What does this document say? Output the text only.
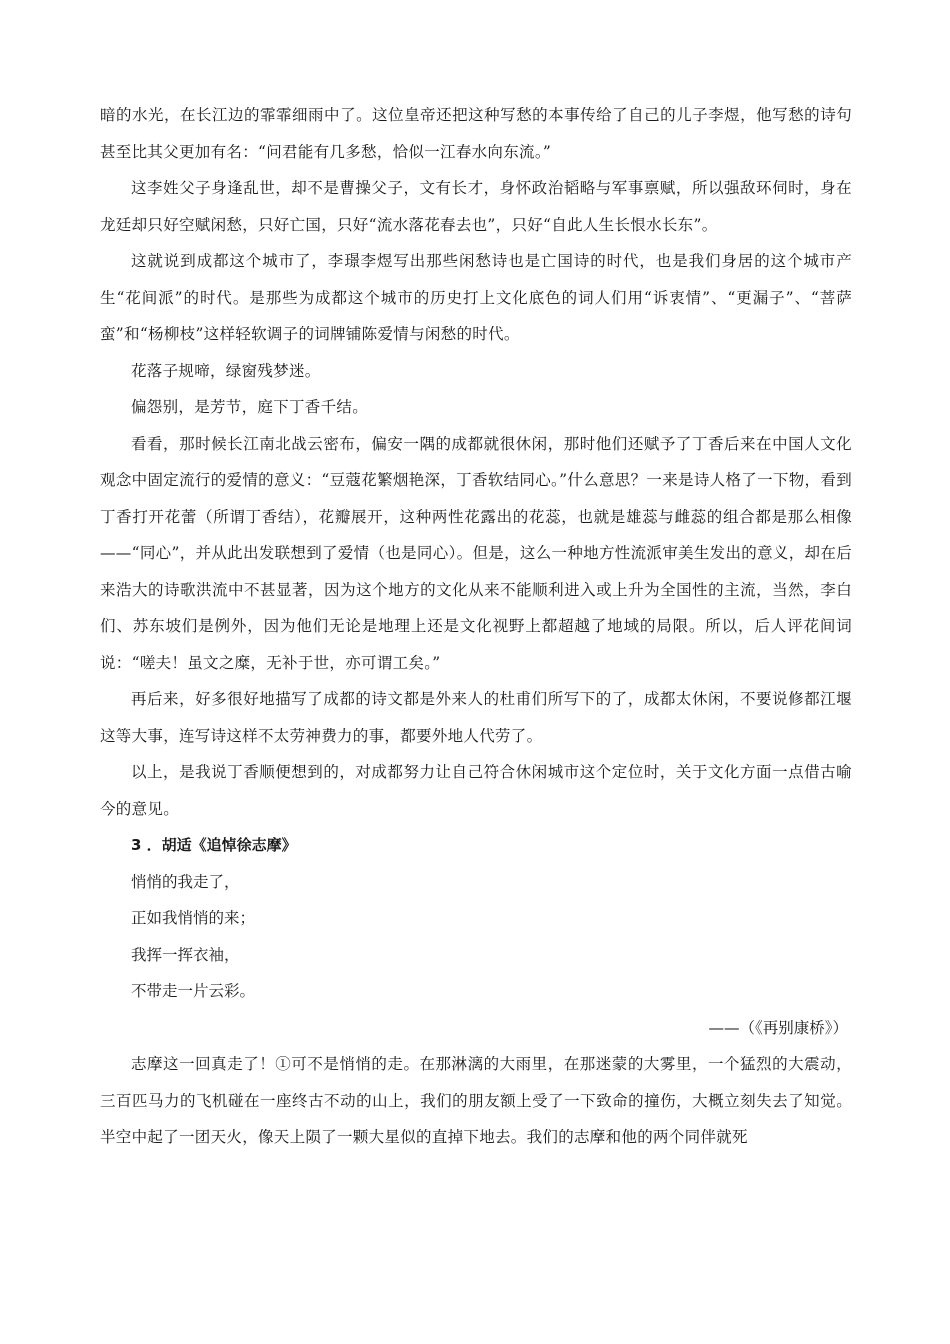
暗的水光，在长江边的霏霏细雨中了。这位皇帝还把这种写愁的本事传给了自己的儿子李煜，他写愁的诗句甚至比其父更加有名：“问君能有几多愁，恰似一江春水向东流。”

这李姓父子身逢乱世，却不是曹操父子，文有长才，身怀政治韬略与军事禀赋，所以强敌环伺时，身在龙廷却只好空赋闲愁，只好亡国，只好“流水落花春去也”，只好“自此人生长恨水长东”。

这就说到成都这个城市了，李璟李煜写出那些闲愁诗也是亡国诗的时代，也是我们身居的这个城市产生“花间派”的时代。是那些为成都这个城市的历史打上文化底色的词人们用“诉衷情”、“更漏子”、“菩萨蛮”和“杨柳枝”这样轻软调子的词牌铺陈爱情与闲愁的时代。

花落子规啼，绿窗残梦迷。

偏怨别，是芳节，庭下丁香千结。

看看，那时候长江南北战云密布，偏安一隅的成都就很休闲，那时他们还赋予了丁香后来在中国人文化观念中固定流行的爱情的意义：“豆蔻花繁烟艳深，丁香软结同心。”什么意思？一来是诗人格了一下物，看到丁香打开花蕾（所谓丁香结），花瓣展开，这种两性花露出的花蕊，也就是雄蕊与雌蕊的组合都是那么相像——“同心”，并从此出发联想到了爱情（也是同心）。但是，这么一种地方性流派审美生发出的意义，却在后来浩大的诗歌洪流中不甚显著，因为这个地方的文化从来不能顺利进入或上升为全国性的主流，当然，李白们、苏东坡们是例外，因为他们无论是地理上还是文化视野上都超越了地域的局限。所以，后人评花间词说：“嗟夫！虽文之糜，无补于世，亦可谓工矣。”

再后来，好多很好地描写了成都的诗文都是外来人的杜甫们所写下的了，成都太休闲，不要说修都江堰这等大事，连写诗这样不太劳神费力的事，都要外地人代劳了。

以上，是我说丁香顺便想到的，对成都努力让自己符合休闲城市这个定位时，关于文化方面一点借古喻今的意见。

3 ．胡适《追悼徐志摩》

悄悄的我走了，

正如我悄悄的来；

我挥一挥衣袖，

不带走一片云彩。

——（《再别康桥》）

志摩这一回真走了！①可不是悄悄的走。在那淋漓的大雨里，在那迷蒙的大雾里，一个猛烈的大震动，三百匹马力的飞机碰在一座终古不动的山上，我们的朋友额上受了一下致命的撞伤，大概立刻失去了知觉。半空中起了一团天火，像天上陨了一颗大星似的直掉下地去。我们的志摩和他的两个同伴就死
